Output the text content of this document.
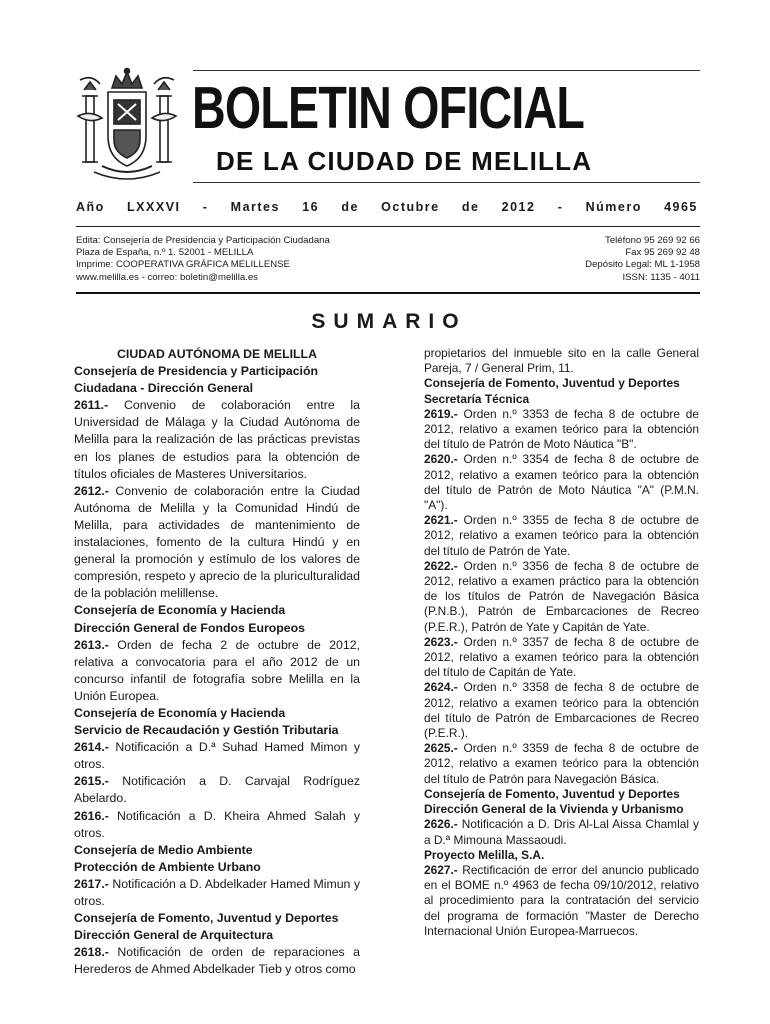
BOLETIN OFICIAL
DE LA CIUDAD DE MELILLA
Año LXXXVI - Martes 16 de Octubre de 2012 - Número 4965
Edita: Consejería de Presidencia y Participación Ciudadana
Plaza de España, n.º 1. 52001 - MELILLA
Imprime: COOPERATIVA GRÁFICA MELILLENSE
www.melilla.es - correo: boletin@melilla.es
Teléfono 95 269 92 66
Fax 95 269 92 48
Depósito Legal: ML 1-1958
ISSN: 1135 - 4011
SUMARIO

CIUDAD AUTÓNOMA DE MELILLA

Consejería de Presidencia y Participación Ciudadana - Dirección General

2611.- Convenio de colaboración entre la Universidad de Málaga y la Ciudad Autónoma de Melilla para la realización de las prácticas previstas en los planes de estudios para la obtención de títulos oficiales de Masteres Universitarios.

2612.- Convenio de colaboración entre la Ciudad Autónoma de Melilla y la Comunidad Hindú de Melilla, para actividades de mantenimiento de instalaciones, fomento de la cultura Hindú y en general la promoción y estímulo de los valores de compresión, respeto y aprecio de la pluriculturalidad de la población melillense.

Consejería de Economía y Hacienda

Dirección General de Fondos Europeos

2613.- Orden de fecha 2 de octubre de 2012, relativa a convocatoria para el año 2012 de un concurso infantil de fotografía sobre Melilla en la Unión Europea.

Consejería de Economía y Hacienda

Servicio de Recaudación y Gestión Tributaria

2614.- Notificación a D.ª Suhad Hamed Mimon y otros.

2615.- Notificación a D. Carvajal Rodríguez Abelardo.

2616.- Notificación a D. Kheira Ahmed Salah y otros.

Consejería de Medio Ambiente

Protección de Ambiente Urbano

2617.- Notificación a D. Abdelkader Hamed Mimun y otros.

Consejería de Fomento, Juventud y Deportes

Dirección General de Arquitectura

2618.- Notificación de orden de reparaciones a Herederos de Ahmed Abdelkader Tieb y otros como

propietarios del inmueble sito en la calle General Pareja, 7 / General Prim, 11.

Consejería de Fomento, Juventud y Deportes

Secretaría Técnica

2619.- Orden n.º 3353 de fecha 8 de octubre de 2012, relativo a examen teórico para la obtención del título de Patrón de Moto Náutica "B".

2620.- Orden n.º 3354 de fecha 8 de octubre de 2012, relativo a examen teórico para la obtención del título de Patrón de Moto Náutica "A" (P.M.N. "A").

2621.- Orden n.º 3355 de fecha 8 de octubre de 2012, relativo a examen teórico para la obtención del título de Patrón de Yate.

2622.- Orden n.º 3356 de fecha 8 de octubre de 2012, relativo a examen práctico para la obtención de los títulos de Patrón de Navegación Básica (P.N.B.), Patrón de Embarcaciones de Recreo (P.E.R.), Patrón de Yate y Capitán de Yate.

2623.- Orden n.º 3357 de fecha 8 de octubre de 2012, relativo a examen teórico para la obtención del título de Capitán de Yate.

2624.- Orden n.º 3358 de fecha 8 de octubre de 2012, relativo a examen teórico para la obtención del título de Patrón de Embarcaciones de Recreo (P.E.R.).

2625.- Orden n.º 3359 de fecha 8 de octubre de 2012, relativo a examen teórico para la obtención del título de Patrón para Navegación Básica.

Consejería de Fomento, Juventud y Deportes

Dirección General de la Vivienda y Urbanismo

2626.- Notificación a D. Dris Al-Lal Aissa Chamlal y a D.ª Mimouna Massaoudi.

Proyecto Melilla, S.A.

2627.- Rectificación de error del anuncio publicado en el BOME n.º 4963 de fecha 09/10/2012, relativo al procedimiento para la contratación del servicio del programa de formación "Master de Derecho Internacional Unión Europea-Marruecos.
